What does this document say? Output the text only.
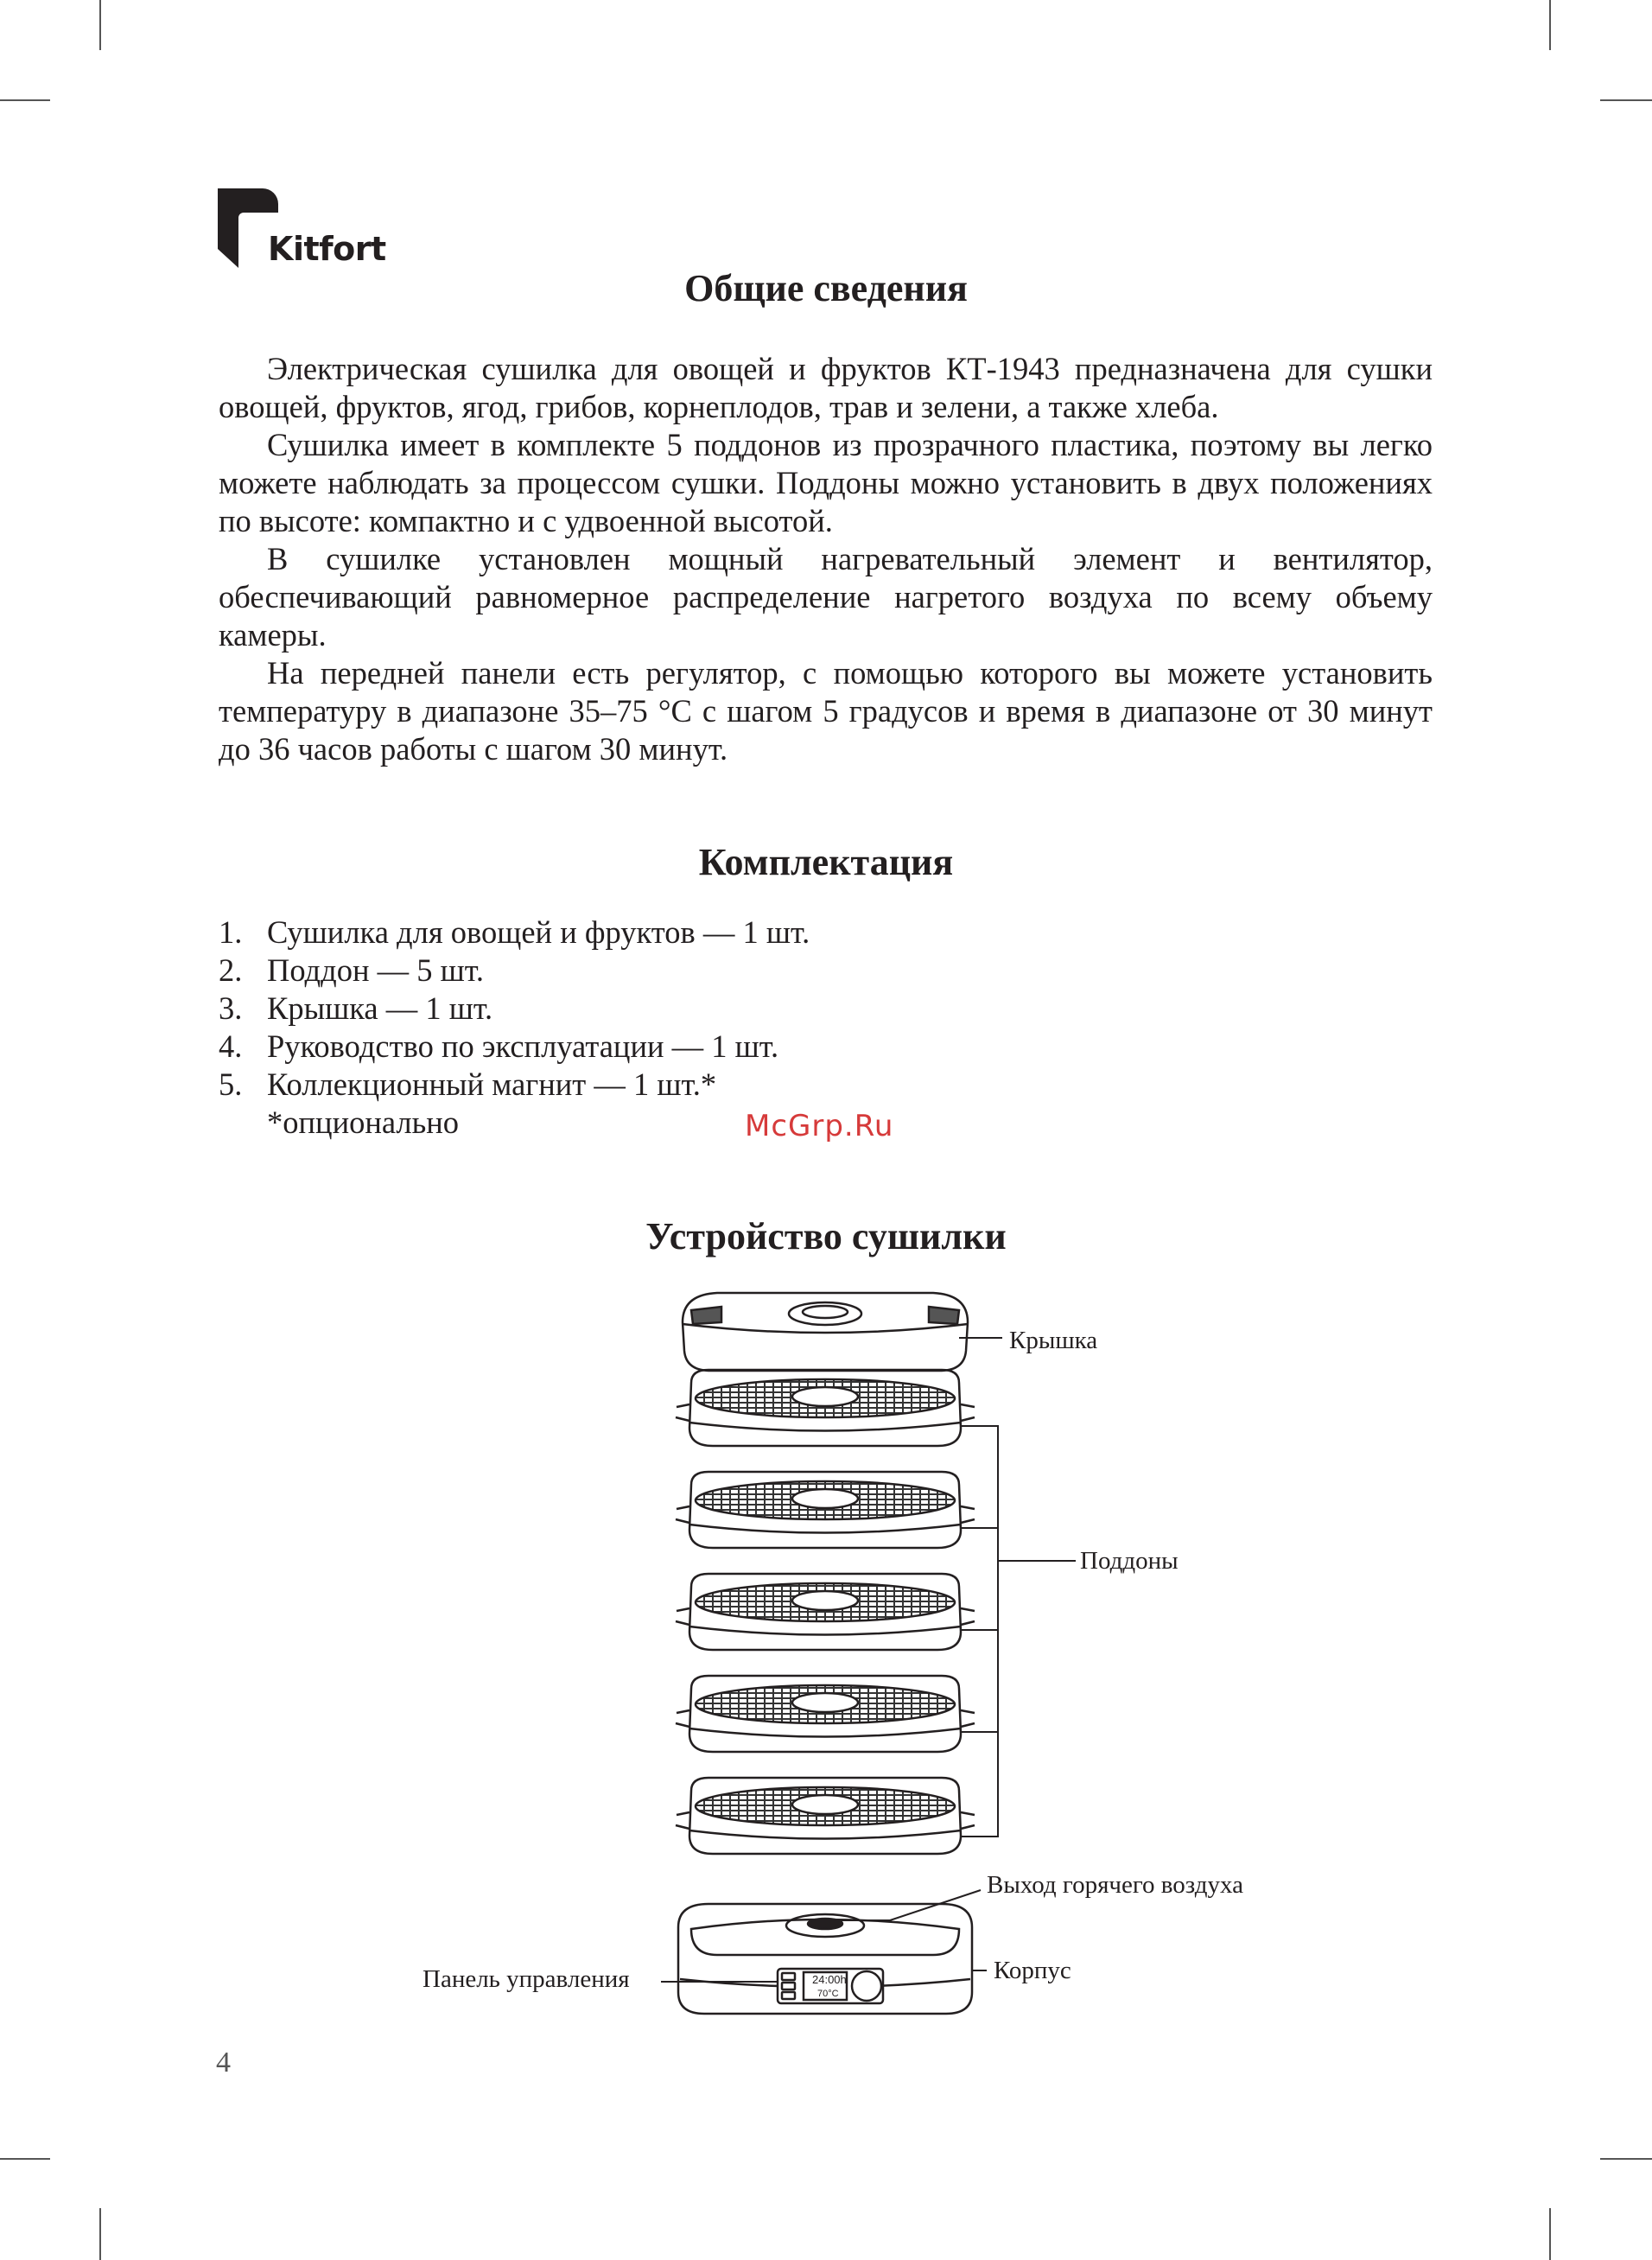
Kitfort
Общие сведения

Электрическая сушилка для овощей и фруктов КТ-1943 предназначена для сушки овощей, фруктов, ягод, грибов, корнеплодов, трав и зелени, а также хлеба.

Сушилка имеет в комплекте 5 поддонов из прозрачного пластика, поэтому вы легко можете наблюдать за процессом сушки. Поддоны можно установить в двух положениях по высоте: компактно и с удвоенной высотой.

В сушилке установлен мощный нагревательный элемент и вентилятор, обеспечивающий равномерное распределение нагретого воздуха по всему объему камеры.

На передней панели есть регулятор, с помощью которого вы можете установить температуру в диапазоне 35–75 °C с шагом 5 градусов и время в диапазоне от 30 минут до 36 часов работы с шагом 30 минут.

Комплектация
1. Сушилка для овощей и фруктов — 1 шт.
2. Поддон — 5 шт.
3. Крышка — 1 шт.
4. Руководство по эксплуатации — 1 шт.
5. Коллекционный магнит — 1 шт.*
*опционально	McGrp.Ru
Устройство сушилки
24:00h
70°C
Крышка
Поддоны
Выход горячего воздуха
Корпус
Панель управления
4
